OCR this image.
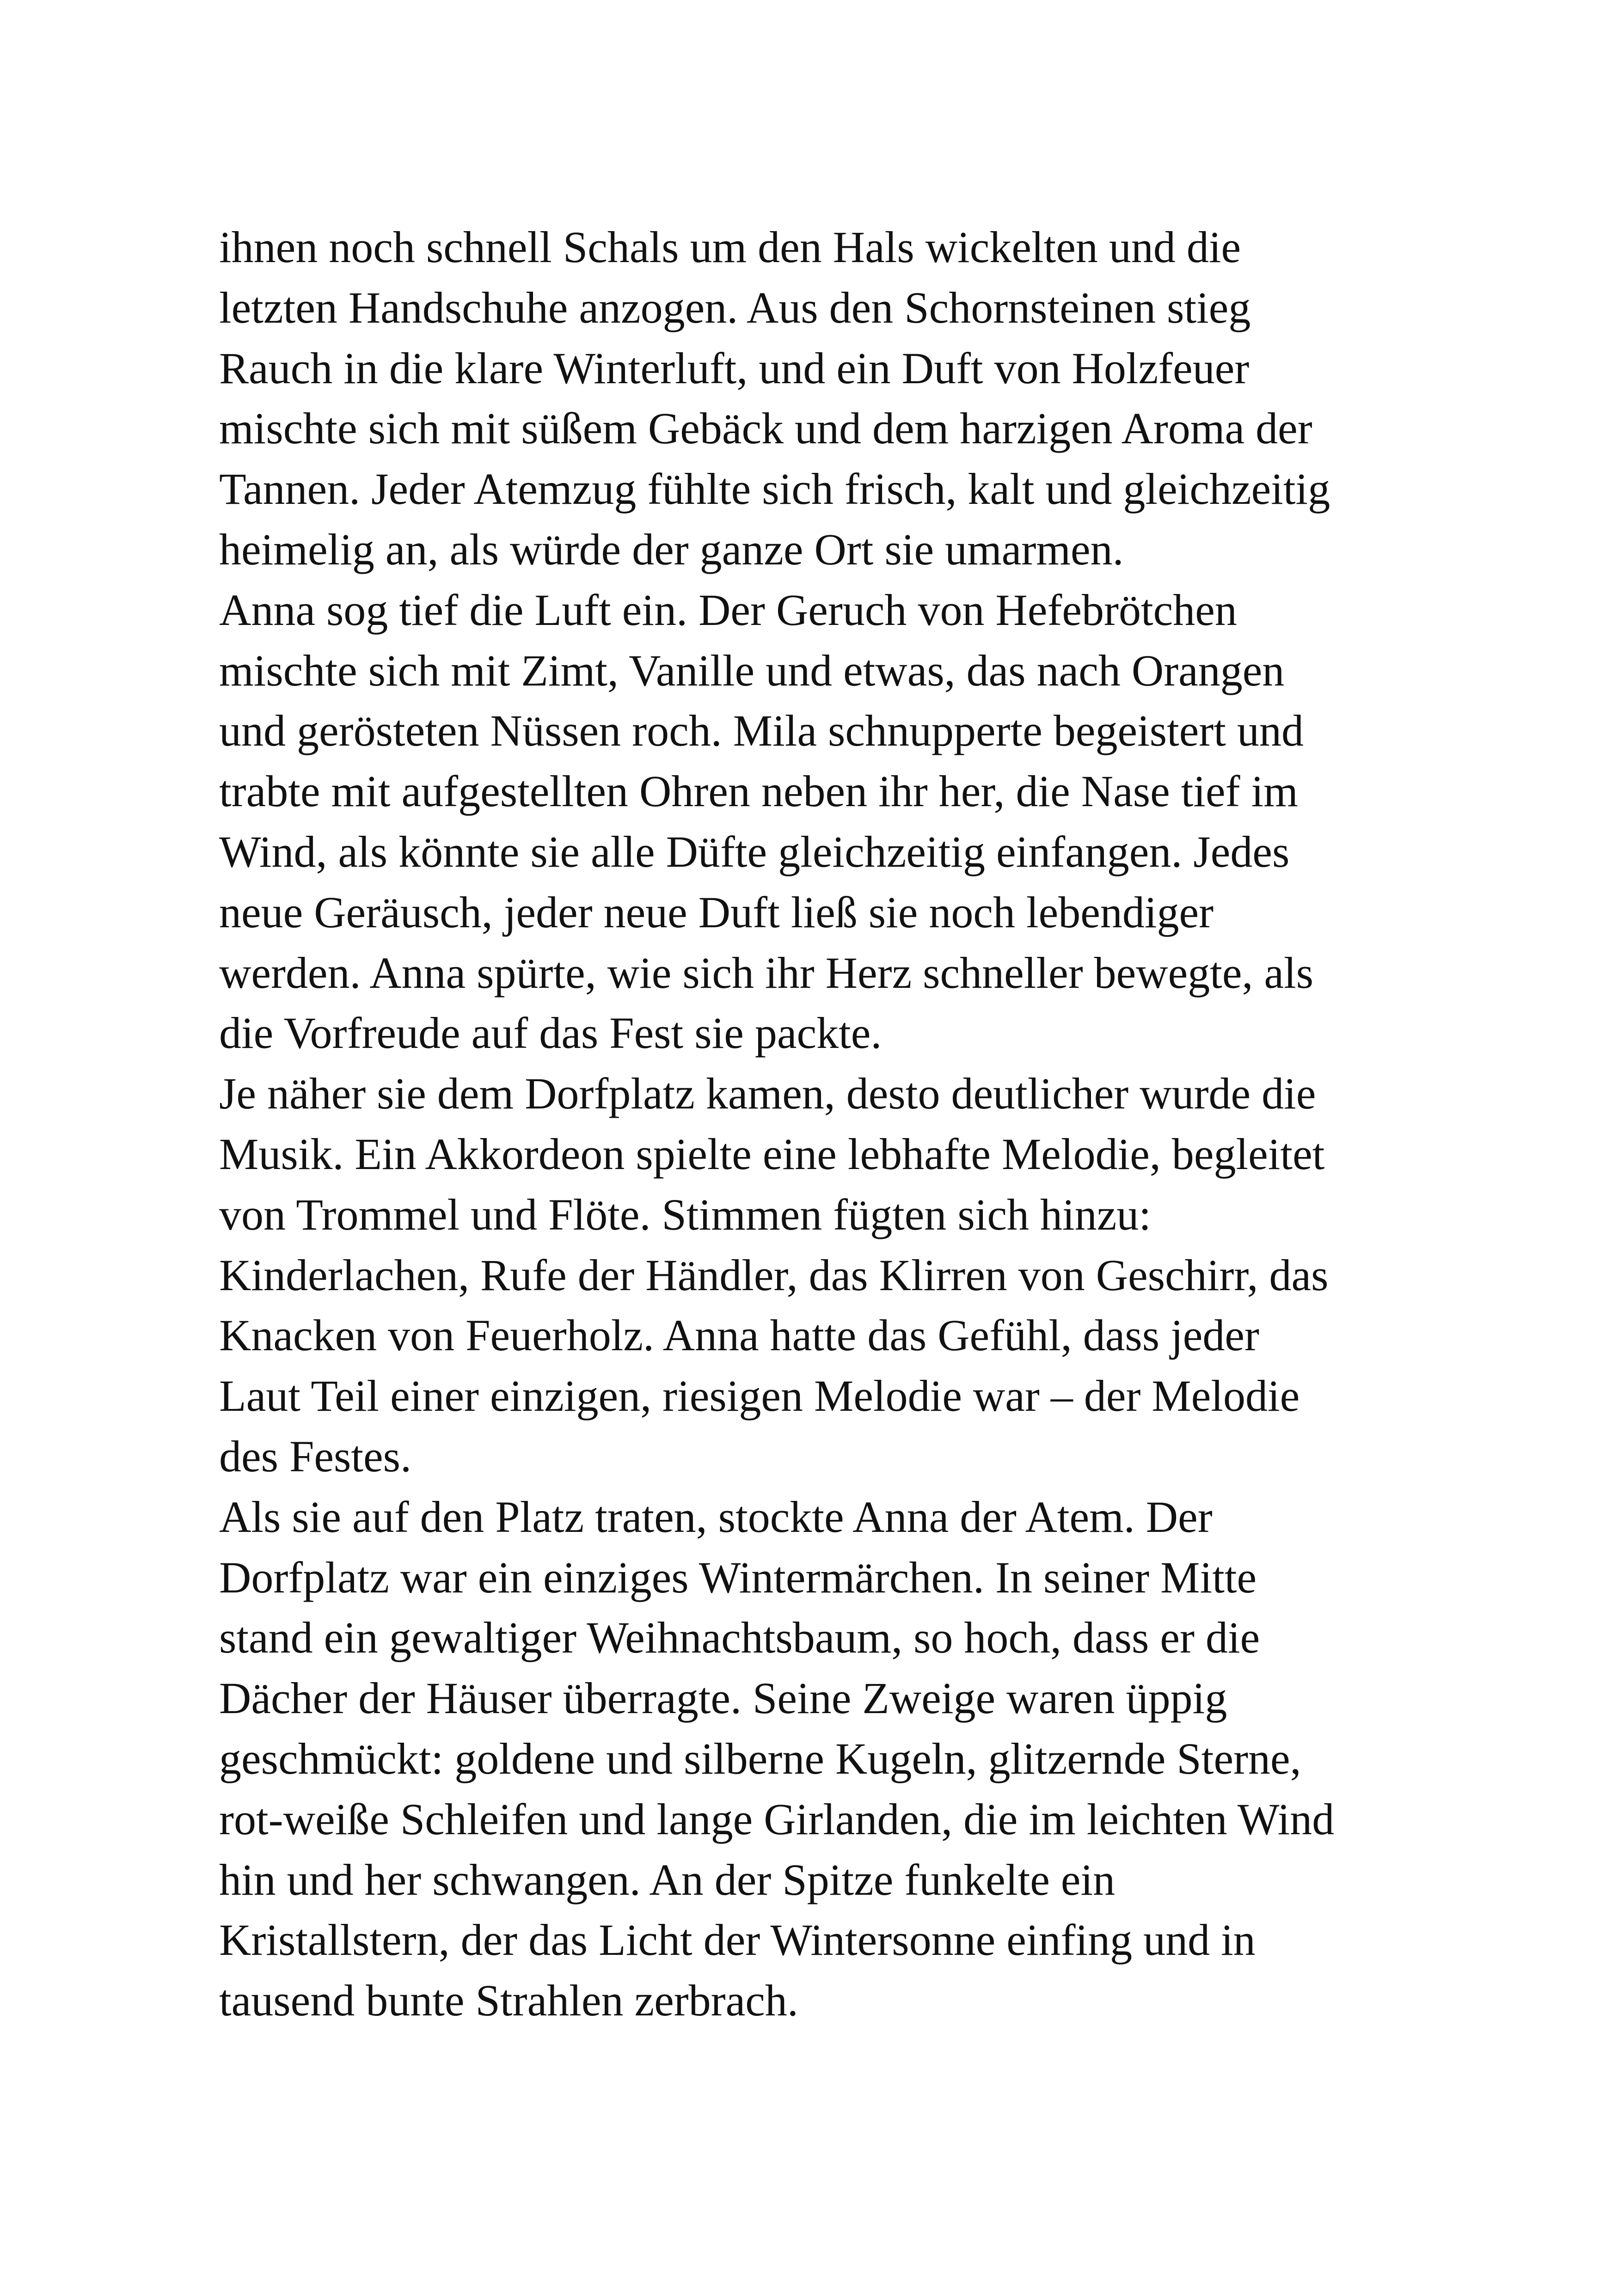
ihnen noch schnell Schals um den Hals wickelten und die
letzten Handschuhe anzogen. Aus den Schornsteinen stieg
Rauch in die klare Winterluft, und ein Duft von Holzfeuer
mischte sich mit süßem Gebäck und dem harzigen Aroma der
Tannen. Jeder Atemzug fühlte sich frisch, kalt und gleichzeitig
heimelig an, als würde der ganze Ort sie umarmen.
Anna sog tief die Luft ein. Der Geruch von Hefebrötchen
mischte sich mit Zimt, Vanille und etwas, das nach Orangen
und gerösteten Nüssen roch. Mila schnupperte begeistert und
trabte mit aufgestellten Ohren neben ihr her, die Nase tief im
Wind, als könnte sie alle Düfte gleichzeitig einfangen. Jedes
neue Geräusch, jeder neue Duft ließ sie noch lebendiger
werden. Anna spürte, wie sich ihr Herz schneller bewegte, als
die Vorfreude auf das Fest sie packte.
Je näher sie dem Dorfplatz kamen, desto deutlicher wurde die
Musik. Ein Akkordeon spielte eine lebhafte Melodie, begleitet
von Trommel und Flöte. Stimmen fügten sich hinzu:
Kinderlachen, Rufe der Händler, das Klirren von Geschirr, das
Knacken von Feuerholz. Anna hatte das Gefühl, dass jeder
Laut Teil einer einzigen, riesigen Melodie war – der Melodie
des Festes.
Als sie auf den Platz traten, stockte Anna der Atem. Der
Dorfplatz war ein einziges Wintermärchen. In seiner Mitte
stand ein gewaltiger Weihnachtsbaum, so hoch, dass er die
Dächer der Häuser überragte. Seine Zweige waren üppig
geschmückt: goldene und silberne Kugeln, glitzernde Sterne,
rot-weiße Schleifen und lange Girlanden, die im leichten Wind
hin und her schwangen. An der Spitze funkelte ein
Kristallstern, der das Licht der Wintersonne einfing und in
tausend bunte Strahlen zerbrach.
